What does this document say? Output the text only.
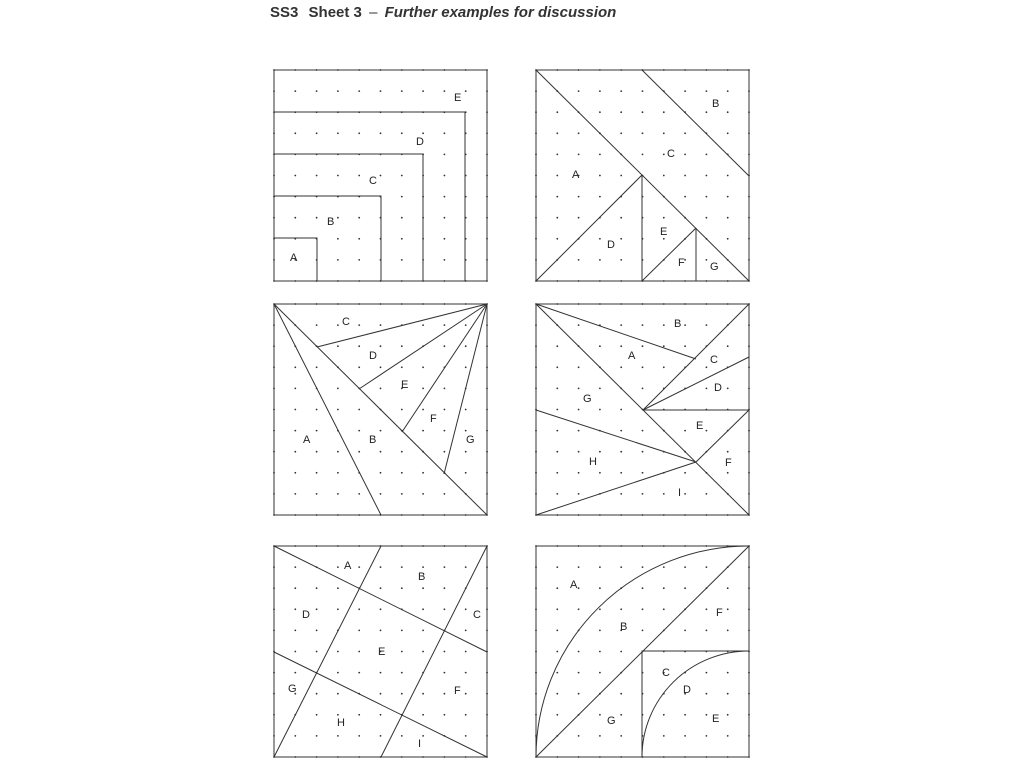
SS3 Sheet 3 – Further examples for discussion
A
B
C
D
E
A
B
C
D
E
F G
A	B
C
D
E
F
G
A
B
C
D
E
F
G
H
I
A
B
C
D
E
F
G
H
I
A
B
C
D
E
F
G
